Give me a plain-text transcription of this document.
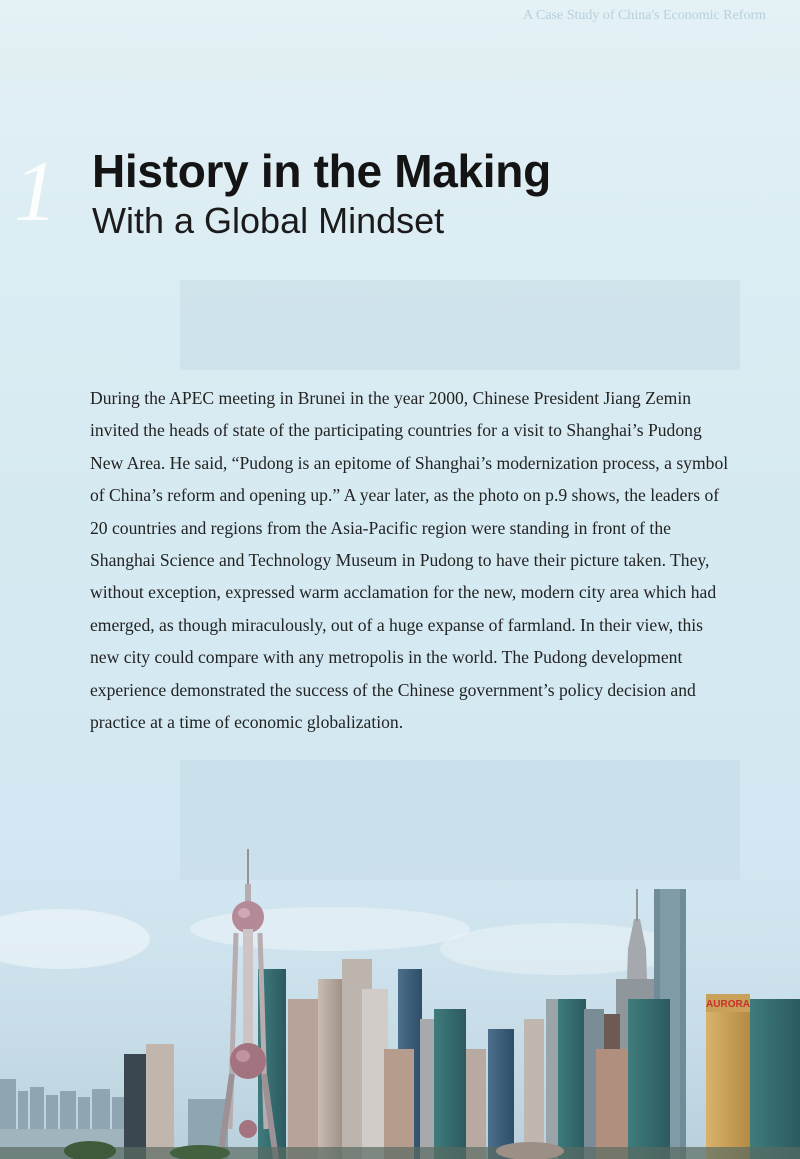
A Case Study of China's Economic Reform
1 History in the Making
With a Global Mindset

During the APEC meeting in Brunei in the year 2000, Chinese President Jiang Zemin invited the heads of state of the participating countries for a visit to Shanghai’s Pudong New Area. He said, “Pudong is an epitome of Shanghai’s modernization process, a symbol of China’s reform and opening up.” A year later, as the photo on p.9 shows, the leaders of 20 countries and regions from the Asia-Pacific region were standing in front of the Shanghai Science and Technology Museum in Pudong to have their picture taken. They, without exception, expressed warm acclamation for the new, modern city area which had emerged, as though miraculously, out of a huge expanse of farmland. In their view, this new city could compare with any metropolis in the world. The Pudong development experience demonstrated the success of the Chinese government’s policy decision and practice at a time of economic globalization.

AURORA
